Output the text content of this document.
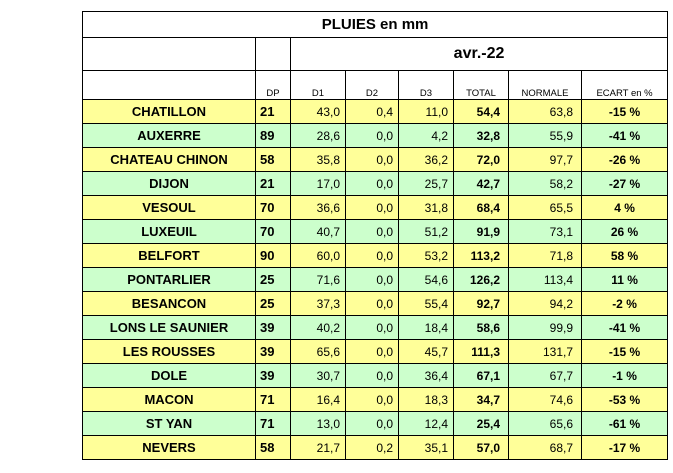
PLUIES en mm							
		avr.-22					
	DP	D1	D2	D3	TOTAL	NORMALE	ECART en %
CHATILLON	21	43,0	0,4	11,0	54,4	63,8	-15 %
AUXERRE	89	28,6	0,0	4,2	32,8	55,9	-41 %
CHATEAU CHINON	58	35,8	0,0	36,2	72,0	97,7	-26 %
DIJON	21	17,0	0,0	25,7	42,7	58,2	-27 %
VESOUL	70	36,6	0,0	31,8	68,4	65,5	4 %
LUXEUIL	70	40,7	0,0	51,2	91,9	73,1	26 %
BELFORT	90	60,0	0,0	53,2	113,2	71,8	58 %
PONTARLIER	25	71,6	0,0	54,6	126,2	113,4	11 %
BESANCON	25	37,3	0,0	55,4	92,7	94,2	-2 %
LONS LE SAUNIER	39	40,2	0,0	18,4	58,6	99,9	-41 %
LES ROUSSES	39	65,6	0,0	45,7	111,3	131,7	-15 %
DOLE	39	30,7	0,0	36,4	67,1	67,7	-1 %
MACON	71	16,4	0,0	18,3	34,7	74,6	-53 %
ST YAN	71	13,0	0,0	12,4	25,4	65,6	-61 %
NEVERS	58	21,7	0,2	35,1	57,0	68,7	-17 %
